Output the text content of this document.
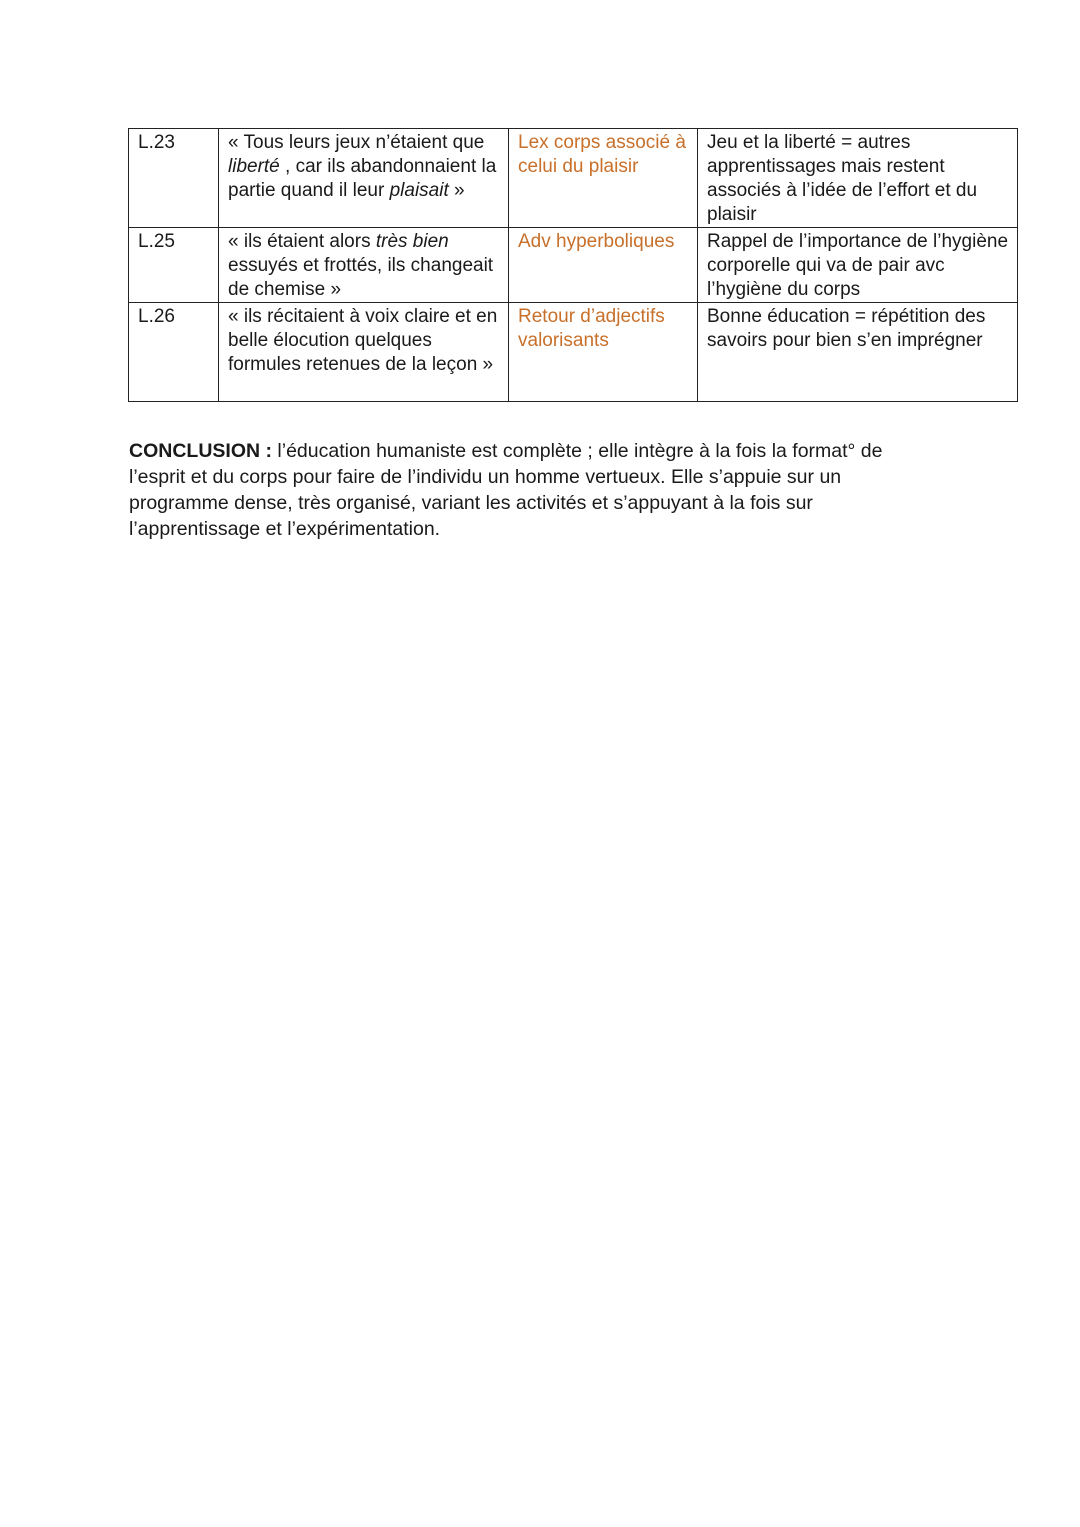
L.23	« Tous leurs jeux n’étaient que liberté , car ils abandonnaient la partie quand il leur plaisait »	Lex corps associé à celui du plaisir	Jeu et la liberté = autres apprentissages mais restent associés à l’idée de l’effort et du plaisir
L.25	« ils étaient alors très bien essuyés et frottés, ils changeait de chemise »	Adv hyperboliques	Rappel de l’importance de l’hygiène corporelle qui va de pair avc l’hygiène du corps
L.26	« ils récitaient à voix claire et en belle élocution quelques formules retenues de la leçon »	Retour d’adjectifs valorisants	Bonne éducation = répétition des savoirs pour bien s’en imprégner

CONCLUSION : l’éducation humaniste est complète ; elle intègre à la fois la format° de l’esprit et du corps pour faire de l’individu un homme vertueux. Elle s’appuie sur un programme dense, très organisé, variant les activités et s’appuyant à la fois sur l’apprentissage et l’expérimentation.
